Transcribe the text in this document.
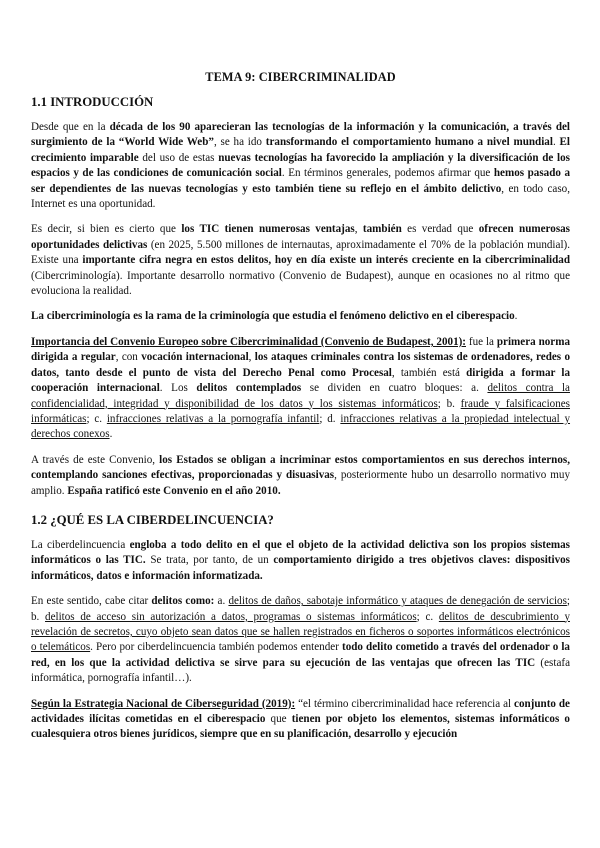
TEMA 9: CIBERCRIMINALIDAD
1.1 INTRODUCCIÓN

Desde que en la década de los 90 aparecieran las tecnologías de la información y la comunicación, a través del surgimiento de la “World Wide Web”, se ha ido transformando el comportamiento humano a nivel mundial. El crecimiento imparable del uso de estas nuevas tecnologías ha favorecido la ampliación y la diversificación de los espacios y de las condiciones de comunicación social. En términos generales, podemos afirmar que hemos pasado a ser dependientes de las nuevas tecnologías y esto también tiene su reflejo en el ámbito delictivo, en todo caso, Internet es una oportunidad.

Es decir, si bien es cierto que los TIC tienen numerosas ventajas, también es verdad que ofrecen numerosas oportunidades delictivas (en 2025, 5.500 millones de internautas, aproximadamente el 70% de la población mundial). Existe una importante cifra negra en estos delitos, hoy en día existe un interés creciente en la cibercriminalidad (Cibercriminología). Importante desarrollo normativo (Convenio de Budapest), aunque en ocasiones no al ritmo que evoluciona la realidad.

La cibercriminología es la rama de la criminología que estudia el fenómeno delictivo en el ciberespacio.

Importancia del Convenio Europeo sobre Cibercriminalidad (Convenio de Budapest, 2001): fue la primera norma dirigida a regular, con vocación internacional, los ataques criminales contra los sistemas de ordenadores, redes o datos, tanto desde el punto de vista del Derecho Penal como Procesal, también está dirigida a formar la cooperación internacional. Los delitos contemplados se dividen en cuatro bloques: a. delitos contra la confidencialidad, integridad y disponibilidad de los datos y los sistemas informáticos; b. fraude y falsificaciones informáticas; c. infracciones relativas a la pornografía infantil; d. infracciones relativas a la propiedad intelectual y derechos conexos.

A través de este Convenio, los Estados se obligan a incriminar estos comportamientos en sus derechos internos, contemplando sanciones efectivas, proporcionadas y disuasivas, posteriormente hubo un desarrollo normativo muy amplio. España ratificó este Convenio en el año 2010.

1.2 ¿QUÉ ES LA CIBERDELINCUENCIA?

La ciberdelincuencia engloba a todo delito en el que el objeto de la actividad delictiva son los propios sistemas informáticos o las TIC. Se trata, por tanto, de un comportamiento dirigido a tres objetivos claves: dispositivos informáticos, datos e información informatizada.

En este sentido, cabe citar delitos como: a. delitos de daños, sabotaje informático y ataques de denegación de servicios; b. delitos de acceso sin autorización a datos, programas o sistemas informáticos; c. delitos de descubrimiento y revelación de secretos, cuyo objeto sean datos que se hallen registrados en ficheros o soportes informáticos electrónicos o telemáticos. Pero por ciberdelincuencia también podemos entender todo delito cometido a través del ordenador o la red, en los que la actividad delictiva se sirve para su ejecución de las ventajas que ofrecen las TIC (estafa informática, pornografía infantil…).

Según la Estrategia Nacional de Ciberseguridad (2019): “el término cibercriminalidad hace referencia al conjunto de actividades ilícitas cometidas en el ciberespacio que tienen por objeto los elementos, sistemas informáticos o cualesquiera otros bienes jurídicos, siempre que en su planificación, desarrollo y ejecución
